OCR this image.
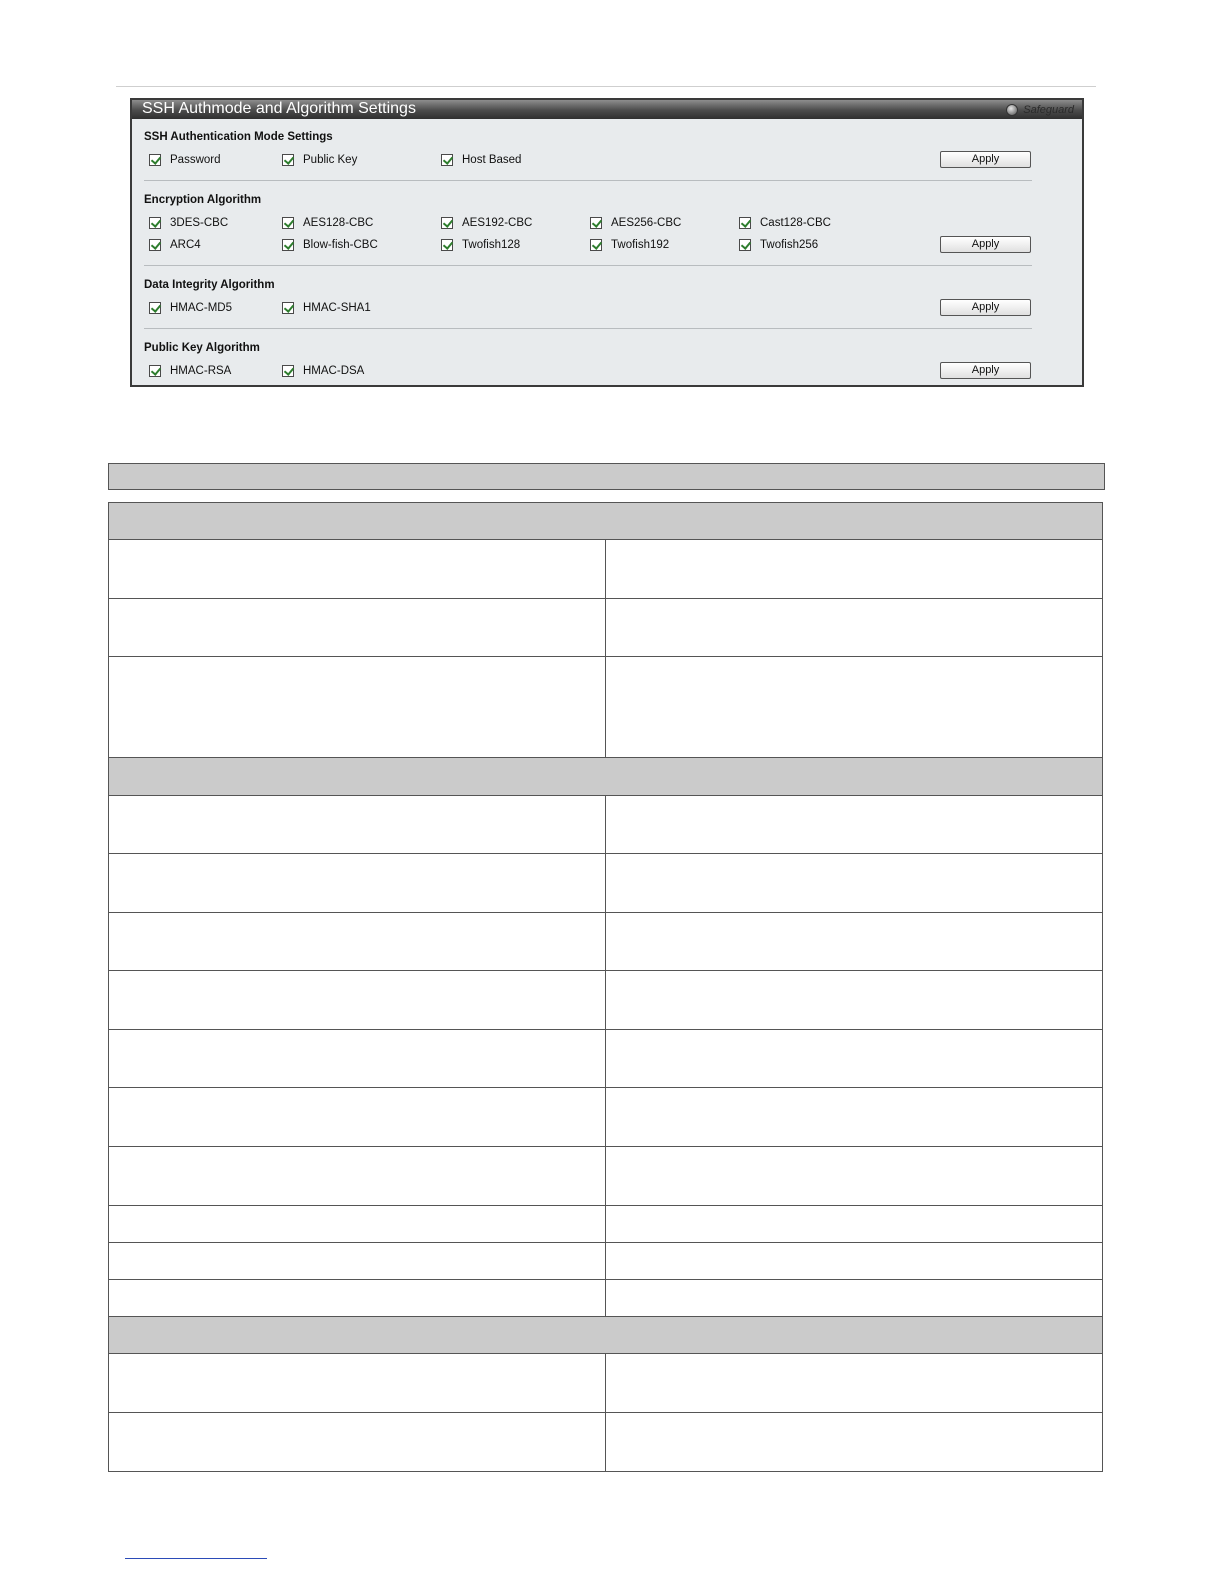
SSH Authmode and Algorithm Settings	Safeguard
SSH Authentication Mode Settings
Password	Public Key	Host Based	Apply
Encryption Algorithm
3DES-CBC	AES128-CBC	AES192-CBC	AES256-CBC	Cast128-CBC
ARC4	Blow-fish-CBC	Twofish128	Twofish192	Twofish256	Apply
Data Integrity Algorithm
HMAC-MD5	HMAC-SHA1	Apply
Public Key Algorithm
HMAC-RSA	HMAC-DSA	Apply
